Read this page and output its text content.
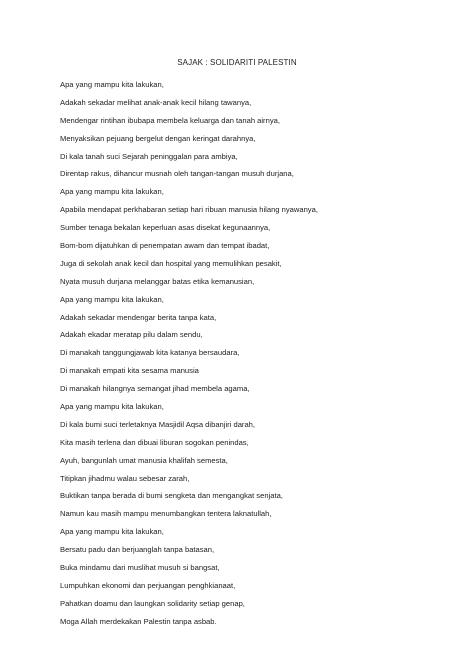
SAJAK : SOLIDARITI PALESTIN
Apa yang mampu kita lakukan,
Adakah sekadar melihat anak-anak kecil hilang tawanya,
Mendengar rintihan ibubapa membela keluarga dan tanah airnya,
Menyaksikan pejuang bergelut dengan keringat darahnya,
Di kala tanah suci Sejarah peninggalan para ambiya,
Direntap rakus, dihancur musnah oleh tangan-tangan musuh durjana,
Apa yang mampu kita lakukan,
Apabila mendapat perkhabaran setiap hari ribuan manusia hilang nyawanya,
Sumber tenaga bekalan keperluan asas disekat kegunaannya,
Bom-bom dijatuhkan di penempatan awam dan tempat ibadat,
Juga di sekolah anak kecil dan hospital yang memulihkan pesakit,
Nyata musuh durjana melanggar batas etika kemanusian,
Apa yang mampu kita lakukan,
Adakah sekadar mendengar berita tanpa kata,
Adakah ekadar meratap pilu dalam sendu,
Di manakah tanggungjawab kita katanya bersaudara,
Di manakah empati kita sesama manusia
Di manakah hilangnya semangat jihad membela agama,
Apa yang mampu kita lakukan,
Di kala bumi suci terletaknya Masjidil Aqsa dibanjiri darah,
Kita masih terlena dan dibuai liburan sogokan penindas,
Ayuh, bangunlah umat manusia khalifah semesta,
Titipkan jihadmu walau sebesar zarah,
Buktikan tanpa berada di bumi sengketa dan mengangkat senjata,
Namun kau masih mampu menumbangkan tentera laknatullah,
Apa yang mampu kita lakukan,
Bersatu padu dan berjuanglah tanpa batasan,
Buka mindamu dari muslihat musuh si bangsat,
Lumpuhkan ekonomi dan perjuangan penghkianaat,
Pahatkan doamu dan laungkan solidarity setiap genap,
Moga Allah merdekakan Palestin tanpa asbab.
